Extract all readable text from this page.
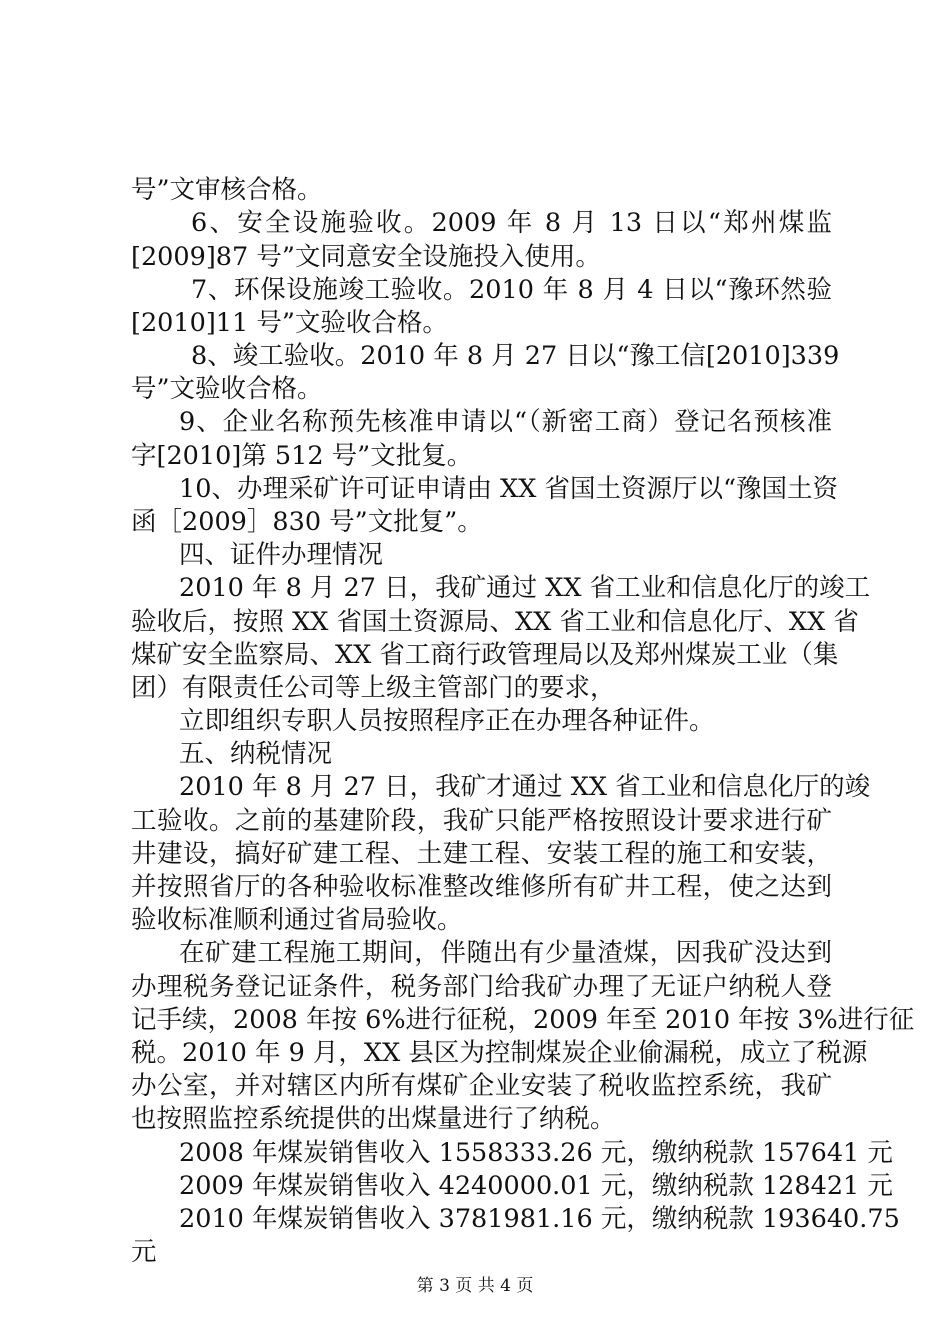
号”文审核合格。
6、安全设施验收。2009 年 8 月 13 日以“郑州煤监
[2009]87 号”文同意安全设施投入使用。
7、环保设施竣工验收。2010 年 8 月 4 日以“豫环然验
[2010]11 号”文验收合格。
8、竣工验收。2010 年 8 月 27 日以“豫工信[2010]339
号”文验收合格。
9、企业名称预先核准申请以“（新密工商）登记名预核准
字[2010]第 512 号”文批复。
10、办理采矿许可证申请由 XX 省国土资源厅以“豫国土资
函［2009］830 号”文批复”。
四、证件办理情况
2010 年 8 月 27 日，我矿通过 XX 省工业和信息化厅的竣工
验收后，按照 XX 省国土资源局、XX 省工业和信息化厅、XX 省
煤矿安全监察局、XX 省工商行政管理局以及郑州煤炭工业（集
团）有限责任公司等上级主管部门的要求，
立即组织专职人员按照程序正在办理各种证件。
五、纳税情况
2010 年 8 月 27 日，我矿才通过 XX 省工业和信息化厅的竣
工验收。之前的基建阶段，我矿只能严格按照设计要求进行矿
井建设，搞好矿建工程、土建工程、安装工程的施工和安装，
并按照省厅的各种验收标准整改维修所有矿井工程，使之达到
验收标准顺利通过省局验收。
在矿建工程施工期间，伴随出有少量渣煤，因我矿没达到
办理税务登记证条件，税务部门给我矿办理了无证户纳税人登
记手续，2008 年按 6%进行征税，2009 年至 2010 年按 3%进行征
税。2010 年 9 月，XX 县区为控制煤炭企业偷漏税，成立了税源
办公室，并对辖区内所有煤矿企业安装了税收监控系统，我矿
也按照监控系统提供的出煤量进行了纳税。
2008 年煤炭销售收入 1558333.26 元，缴纳税款 157641 元
2009 年煤炭销售收入 4240000.01 元，缴纳税款 128421 元
2010 年煤炭销售收入 3781981.16 元，缴纳税款 193640.75
元
第 3 页 共 4 页
